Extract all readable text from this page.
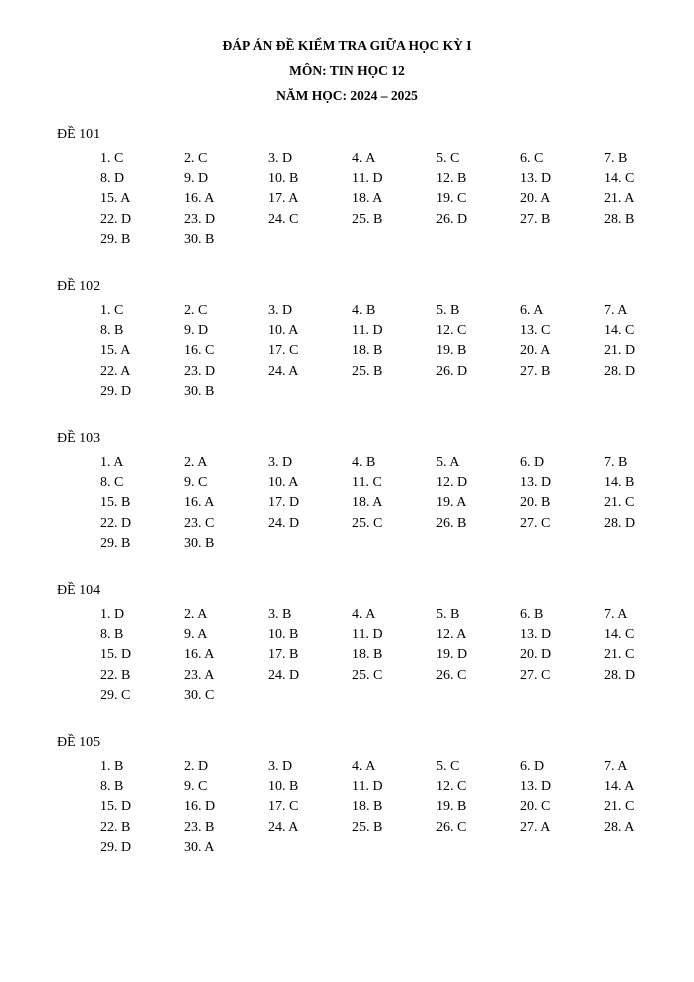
ĐÁP ÁN ĐỀ KIỂM TRA GIỮA HỌC KỲ I
MÔN: TIN HỌC 12
NĂM HỌC: 2024 – 2025
ĐỀ 101
1. C	2. C	3. D	4. A	5. C	6. C	7. B
8. D	9. D	10. B	11. D	12. B	13. D	14. C
15. A	16. A	17. A	18. A	19. C	20. A	21. A
22. D	23. D	24. C	25. B	26. D	27. B	28. B
29. B	30. B
ĐỀ 102
1. C	2. C	3. D	4. B	5. B	6. A	7. A
8. B	9. D	10. A	11. D	12. C	13. C	14. C
15. A	16. C	17. C	18. B	19. B	20. A	21. D
22. A	23. D	24. A	25. B	26. D	27. B	28. D
29. D	30. B
ĐỀ 103
1. A	2. A	3. D	4. B	5. A	6. D	7. B
8. C	9. C	10. A	11. C	12. D	13. D	14. B
15. B	16. A	17. D	18. A	19. A	20. B	21. C
22. D	23. C	24. D	25. C	26. B	27. C	28. D
29. B	30. B
ĐỀ 104
1. D	2. A	3. B	4. A	5. B	6. B	7. A
8. B	9. A	10. B	11. D	12. A	13. D	14. C
15. D	16. A	17. B	18. B	19. D	20. D	21. C
22. B	23. A	24. D	25. C	26. C	27. C	28. D
29. C	30. C
ĐỀ 105
1. B	2. D	3. D	4. A	5. C	6. D	7. A
8. B	9. C	10. B	11. D	12. C	13. D	14. A
15. D	16. D	17. C	18. B	19. B	20. C	21. C
22. B	23. B	24. A	25. B	26. C	27. A	28. A
29. D	30. A
